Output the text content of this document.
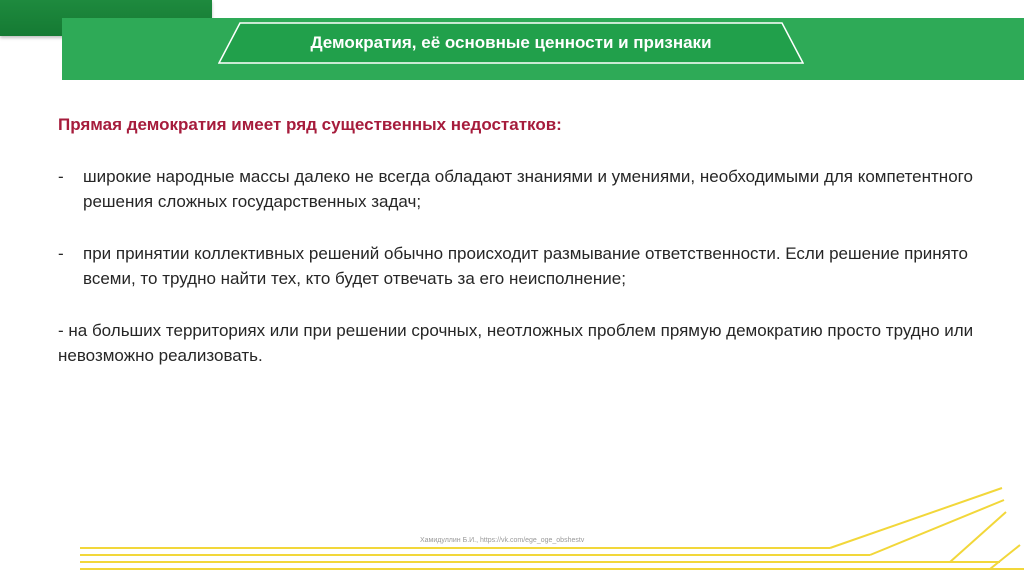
Демократия, её основные ценности и признаки
Прямая демократия имеет ряд существенных недостатков:
- широкие народные массы далеко не всегда обладают знаниями и умениями, необходимыми для компетентного решения сложных государственных задач;
- при принятии коллективных решений обычно происходит размывание ответственности. Если решение принято всеми, то трудно найти тех, кто будет отвечать за его неисполнение;
- на больших территориях или при решении срочных, неотложных проблем прямую демократию просто трудно или невозможно реализовать.
Хамидуллин Б.И., https://vk.com/ege_oge_obshestv
